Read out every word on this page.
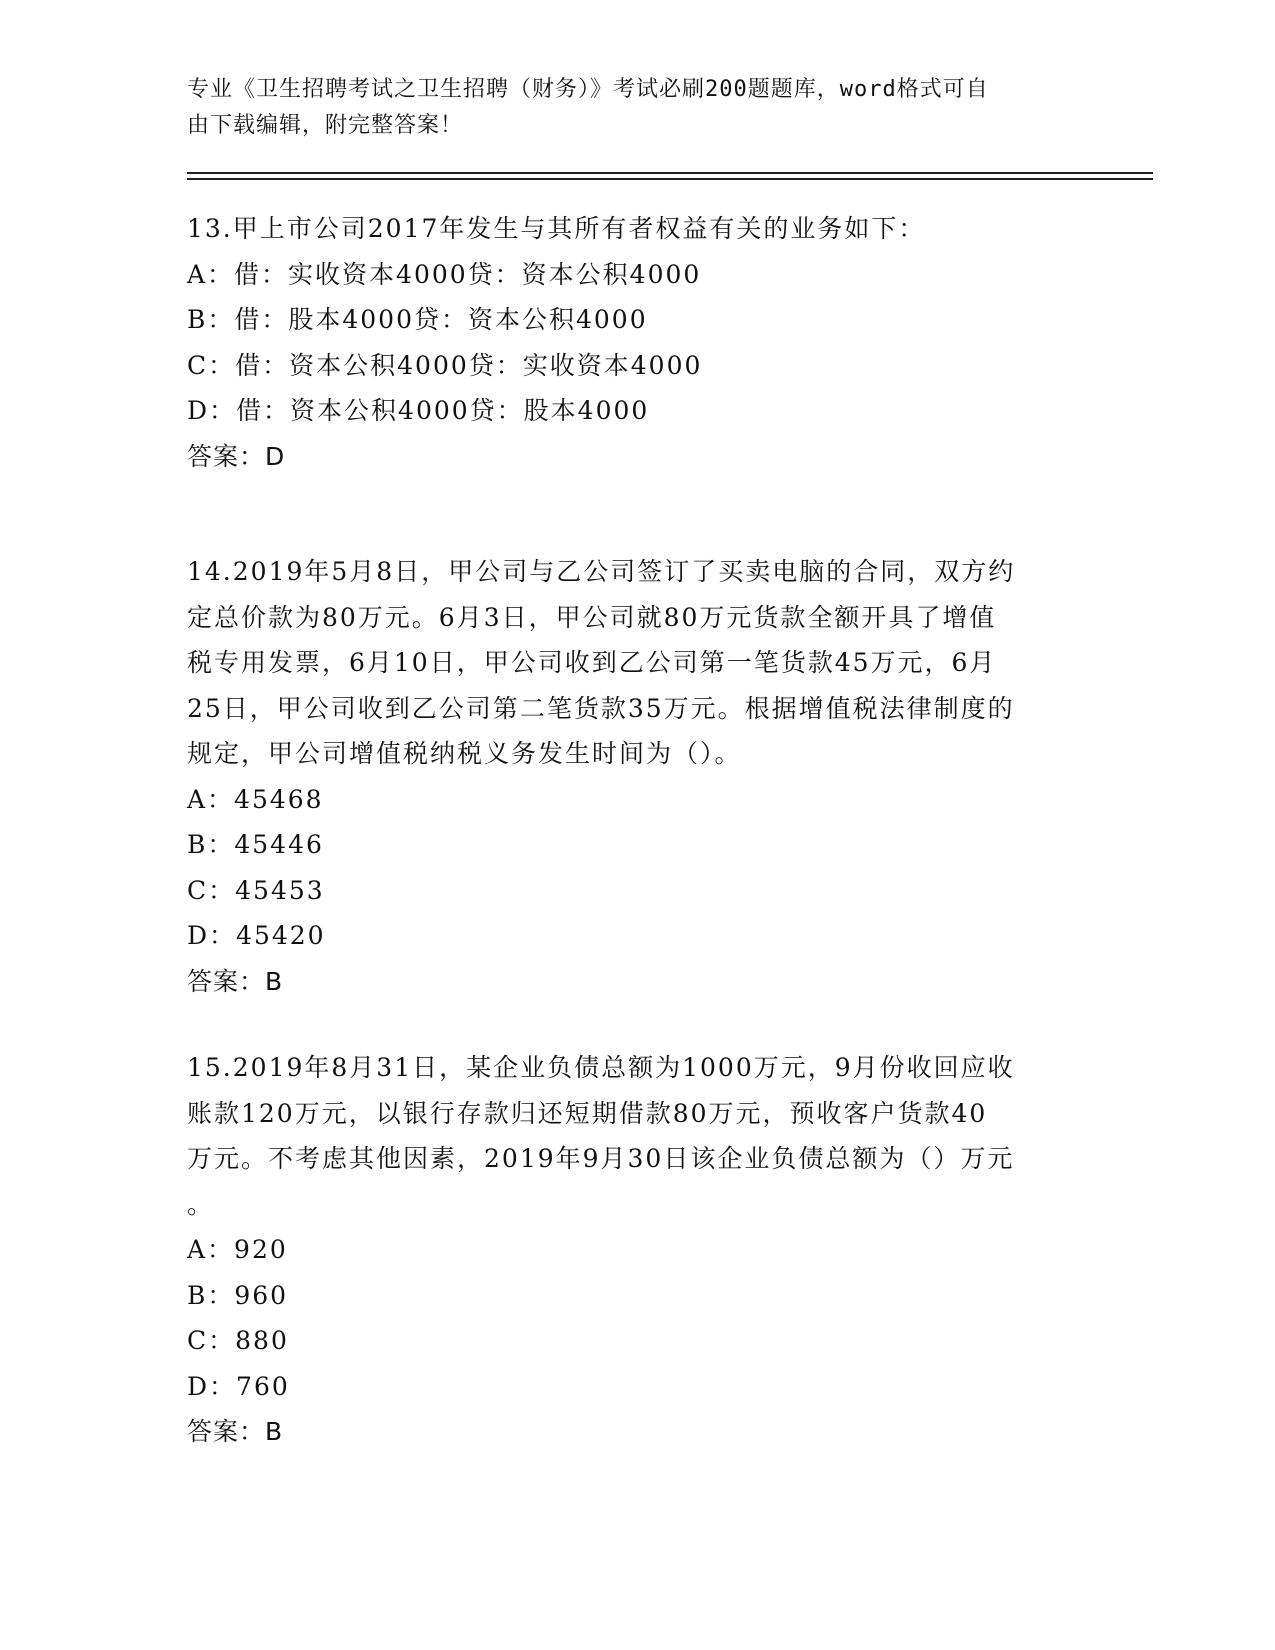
专业《卫生招聘考试之卫生招聘（财务）》考试必刷200题题库，word格式可自
由下载编辑，附完整答案！
13.甲上市公司2017年发生与其所有者权益有关的业务如下：
A：借：实收资本4000贷：资本公积4000
B：借：股本4000贷：资本公积4000
C：借：资本公积4000贷：实收资本4000
D：借：资本公积4000贷：股本4000
答案：D
14.2019年5月8日，甲公司与乙公司签订了买卖电脑的合同，双方约
定总价款为80万元。6月3日，甲公司就80万元货款全额开具了增值
税专用发票，6月10日，甲公司收到乙公司第一笔货款45万元，6月
25日，甲公司收到乙公司第二笔货款35万元。根据增值税法律制度的
规定，甲公司增值税纳税义务发生时间为（）。
A：45468
B：45446
C：45453
D：45420
答案：B
15.2019年8月31日，某企业负债总额为1000万元，9月份收回应收
账款120万元，以银行存款归还短期借款80万元，预收客户货款40
万元。不考虑其他因素，2019年9月30日该企业负债总额为（）万元
。
A：920
B：960
C：880
D：760
答案：B
